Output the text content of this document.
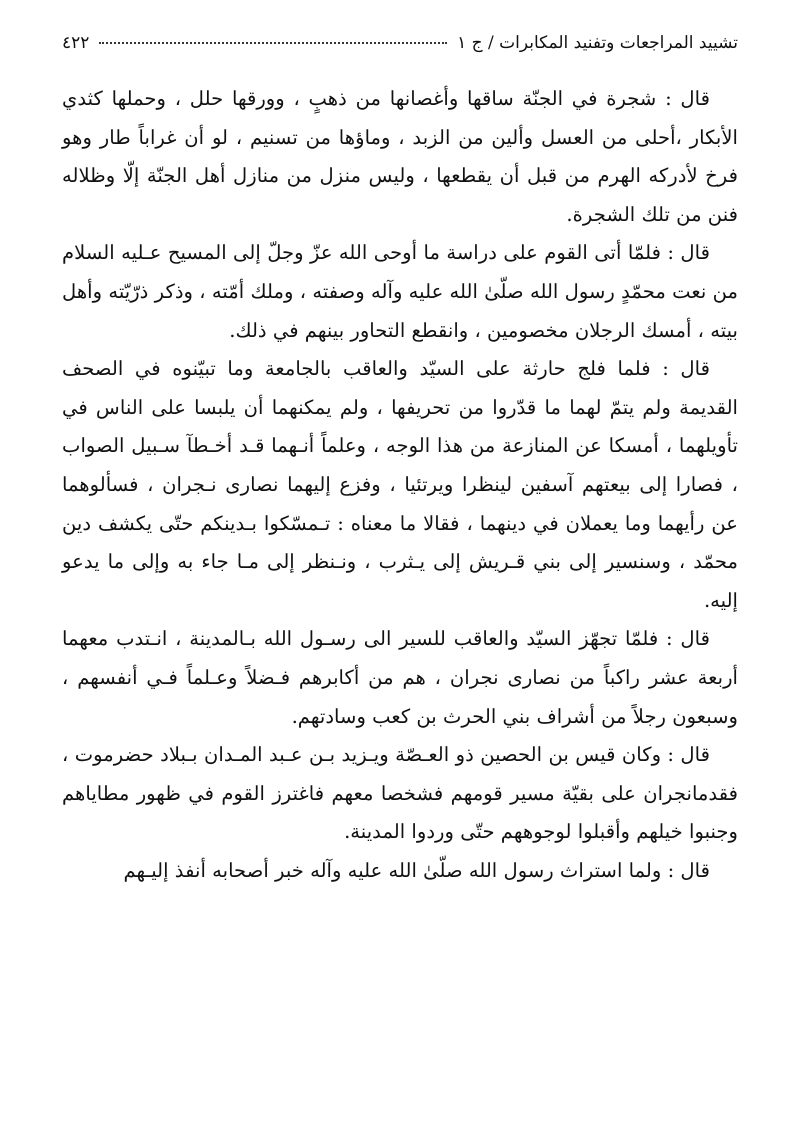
تشييد المراجعات وتفنيد المكابرات / ج ١
٤٢٢

قال : شجرة في الجنّة ساقها وأغصانها من ذهبٍ ، وورقها حلل ، وحملها كثدي الأبكار ،أحلى من العسل وألين من الزبد ، وماؤها من تسنيم ، لو أن غراباً طار وهو فرخ لأدركه الهرم من قبل أن يقطعها ، وليس منزل من منازل أهل الجنّة إلّا وظلاله فنن من تلك الشجرة.

قال : فلمّا أتى القوم على دراسة ما أوحى الله عزّ وجلّ إلى المسيح عـليه السلام من نعت محمّدٍ رسول الله صلّىٰ الله عليه وآله وصفته ، وملك أمّته ، وذكر ذرّيّته وأهل بيته ، أمسك الرجلان مخصومين ، وانقطع التحاور بينهم في ذلك.

قال : فلما فلج حارثة على السيّد والعاقب بالجامعة وما تبيّنوه في الصحف القديمة ولم يتمّ لهما ما قدّروا من تحريفها ، ولم يمكنهما أن يلبسا على الناس في تأويلهما ، أمسكا عن المنازعة من هذا الوجه ، وعلماً أنـهما قـد أخـطآ سـبيل الصواب ، فصارا إلى بيعتهم آسفين لينظرا ويرتئيا ، وفزع إليهما نصارى نـجران ، فسألوهما عن رأيهما وما يعملان في دينهما ، فقالا ما معناه : تـمسّكوا بـدينكم حتّى يكشف دين محمّد ، وسنسير إلى بني قـريش إلى يـثرب ، ونـنظر إلى مـا جاء به وإلى ما يدعو إليه.

قال : فلمّا تجهّز السيّد والعاقب للسير الى رسـول الله بـالمدينة ، انـتدب معهما أربعة عشر راكباً من نصارى نجران ، هم من أكابرهم فـضلاً وعـلماً فـي أنفسهم ، وسبعون رجلاً من أشراف بني الحرث بن كعب وسادتهم.

قال : وكان قيس بن الحصين ذو العـصّة ويـزيد بـن عـبد المـدان بـبلاد حضرموت ، فقدمانجران على بقيّة مسير قومهم فشخصا معهم فاغترز القوم في ظهور مطاياهم وجنبوا خيلهم وأقبلوا لوجوههم حتّى وردوا المدينة.

قال : ولما استراث رسول الله صلّىٰ الله عليه وآله خبر أصحابه أنفذ إليـهم
